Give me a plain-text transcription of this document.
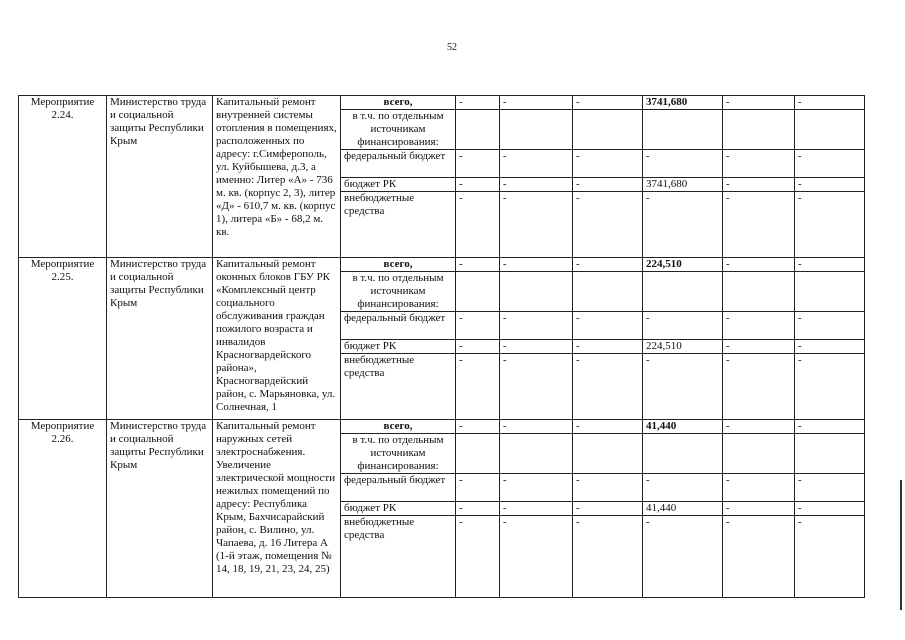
52
Мероприятие 2.24.	Министерство труда и социальной защиты Республики Крым	Капитальный ремонт внутренней системы отопления в помещениях, расположенных по адресу: г.Симферополь, ул. Куйбышева, д.3, а именно: Литер «А» - 736 м. кв. (корпус 2, 3), литер «Д» - 610,7 м. кв. (корпус 1), литера «Б» - 68,2 м. кв.	всего,	-	-	-	3741,680	-	-
			в т.ч. по отдельным источникам финансирования:						
			федеральный бюджет	-	-	-	-	-	-
			бюджет РК	-	-	-	3741,680	-	-
			внебюджетные средства	-	-	-	-	-	-
Мероприятие 2.25.	Министерство труда и социальной защиты Республики Крым	Капитальный ремонт оконных блоков ГБУ РК «Комплексный центр социального обслуживания граждан пожилого возраста и инвалидов Красногвардейского района», Красногвардейский район, с. Марьяновка, ул. Солнечная, 1	всего,	-	-	-	224,510	-	-
			в т.ч. по отдельным источникам финансирования:						
			федеральный бюджет	-	-	-	-	-	-
			бюджет РК	-	-	-	224,510	-	-
			внебюджетные средства	-	-	-	-	-	-
Мероприятие 2.26.	Министерство труда и социальной защиты Республики Крым	Капитальный ремонт наружных сетей электроснабжения. Увеличение электрической мощности нежилых помещений по адресу: Республика Крым, Бахчисарайский район, с. Вилино, ул. Чапаева, д. 16 Литера А (1-й этаж, помещения № 14, 18, 19, 21, 23, 24, 25)	всего,	-	-	-	41,440	-	-
			в т.ч. по отдельным источникам финансирования:						
			федеральный бюджет	-	-	-	-	-	-
			бюджет РК	-	-	-	41,440	-	-
			внебюджетные средства	-	-	-	-	-	-
